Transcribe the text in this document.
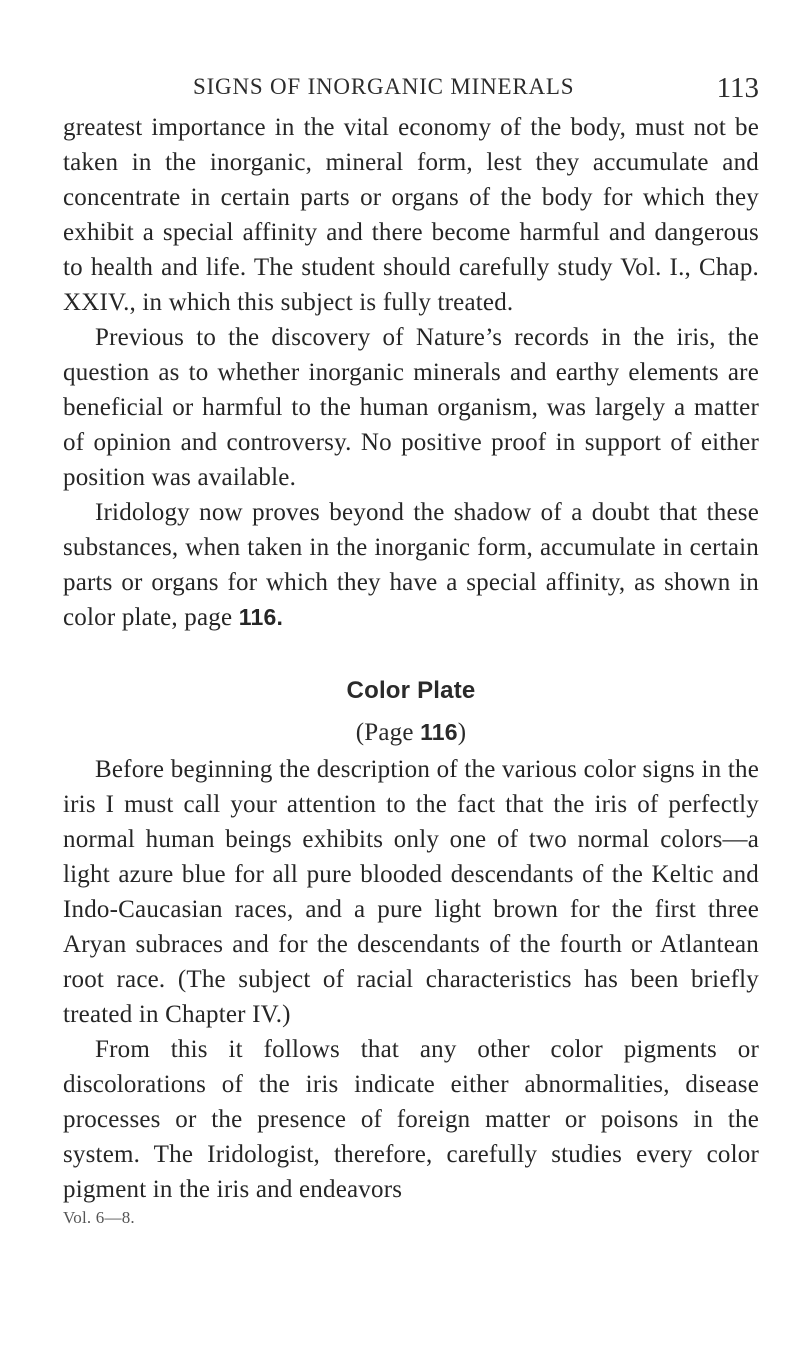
SIGNS OF INORGANIC MINERALS	113

greatest importance in the vital economy of the body, must not be taken in the inorganic, mineral form, lest they accumulate and concentrate in certain parts or organs of the body for which they exhibit a special affinity and there become harmful and dangerous to health and life. The student should carefully study Vol. I., Chap. XXIV., in which this subject is fully treated.

Previous to the discovery of Nature’s records in the iris, the question as to whether inorganic minerals and earthy elements are beneficial or harmful to the human organism, was largely a matter of opinion and controversy. No positive proof in support of either position was available.

Iridology now proves beyond the shadow of a doubt that these substances, when taken in the inorganic form, accumulate in certain parts or organs for which they have a special affinity, as shown in color plate, page 116.

Color Plate

(Page 116)

Before beginning the description of the various color signs in the iris I must call your attention to the fact that the iris of perfectly normal human beings exhibits only one of two normal colors—a light azure blue for all pure blooded descendants of the Keltic and Indo-Caucasian races, and a pure light brown for the first three Aryan subraces and for the descendants of the fourth or Atlantean root race. (The subject of racial characteristics has been briefly treated in Chapter IV.)

From this it follows that any other color pigments or discolorations of the iris indicate either abnormalities, disease processes or the presence of foreign matter or poisons in the system. The Iridologist, therefore, carefully studies every color pigment in the iris and endeavors

Vol. 6—8.
